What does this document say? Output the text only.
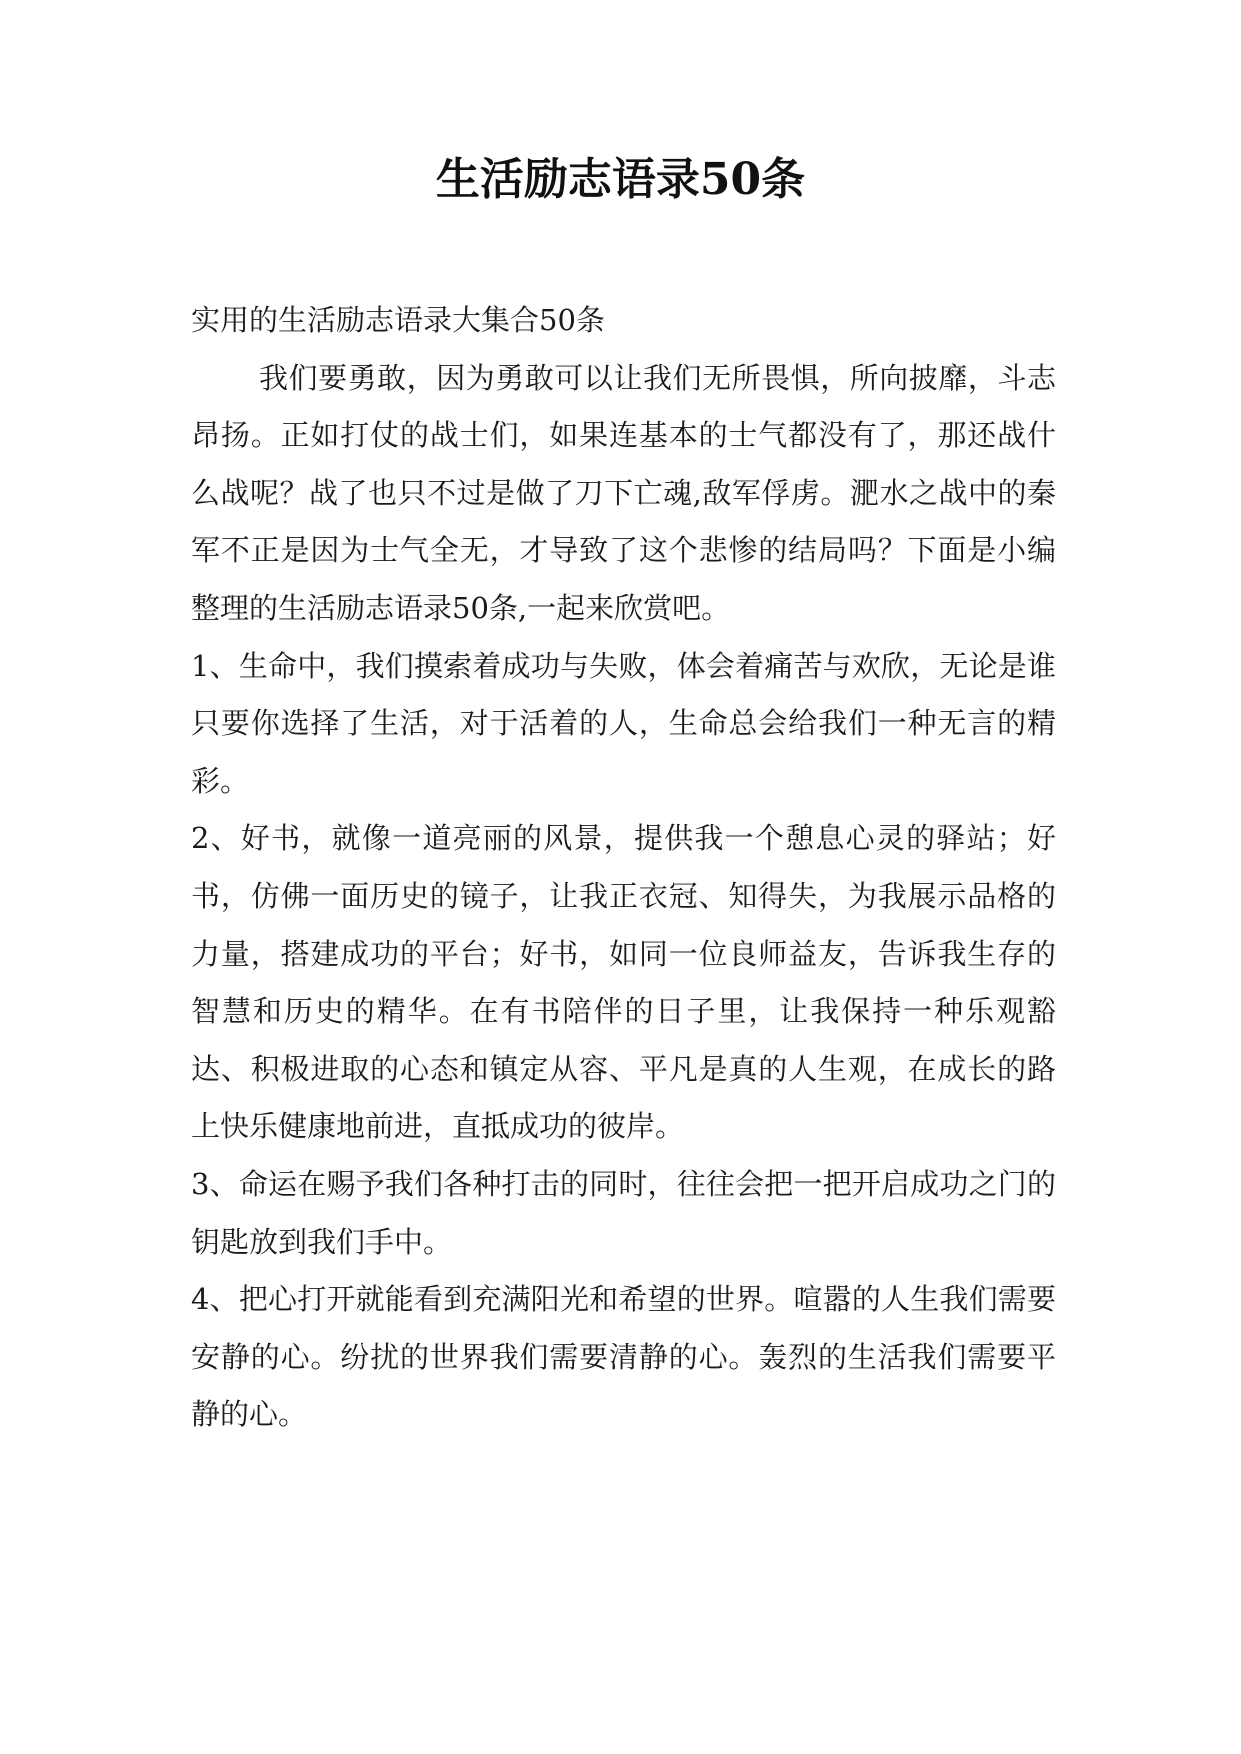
生活励志语录50条

实用的生活励志语录大集合50条

我们要勇敢，因为勇敢可以让我们无所畏惧，所向披靡，斗志昂扬。正如打仗的战士们，如果连基本的士气都没有了，那还战什么战呢？战了也只不过是做了刀下亡魂,敌军俘虏。淝水之战中的秦军不正是因为士气全无，才导致了这个悲惨的结局吗？下面是小编整理的生活励志语录50条,一起来欣赏吧。

1、生命中，我们摸索着成功与失败，体会着痛苦与欢欣，无论是谁只要你选择了生活，对于活着的人，生命总会给我们一种无言的精彩。

2、好书，就像一道亮丽的风景，提供我一个憩息心灵的驿站；好书，仿佛一面历史的镜子，让我正衣冠、知得失，为我展示品格的力量，搭建成功的平台；好书，如同一位良师益友，告诉我生存的智慧和历史的精华。在有书陪伴的日子里，让我保持一种乐观豁达、积极进取的心态和镇定从容、平凡是真的人生观，在成长的路上快乐健康地前进，直抵成功的彼岸。

3、命运在赐予我们各种打击的同时，往往会把一把开启成功之门的钥匙放到我们手中。

4、把心打开就能看到充满阳光和希望的世界。喧嚣的人生我们需要安静的心。纷扰的世界我们需要清静的心。轰烈的生活我们需要平静的心。
